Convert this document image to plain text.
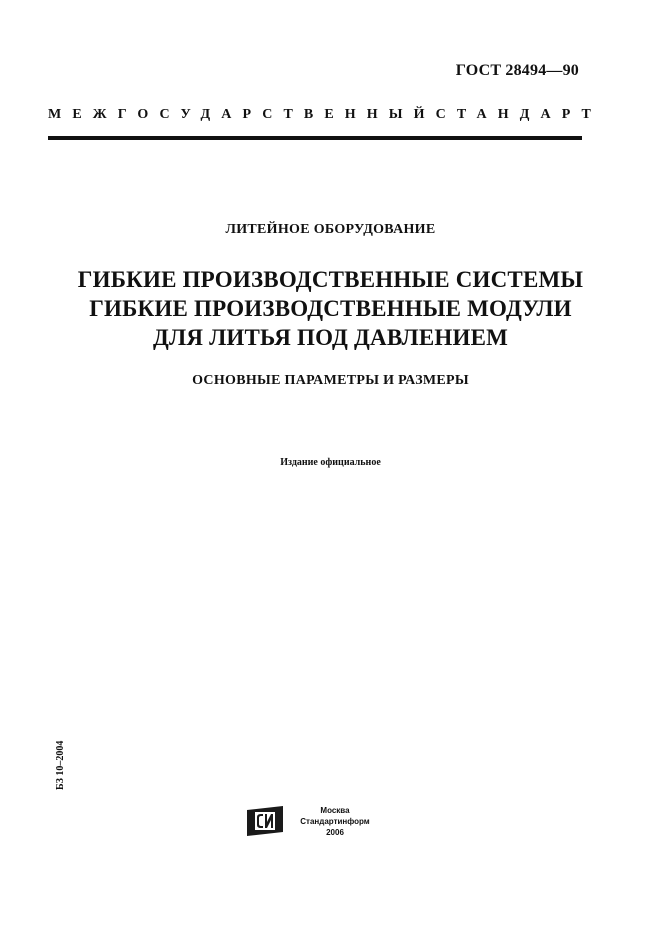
ГОСТ 28494—90
МЕЖГОСУДАРСТВЕННЫЙ СТАНДАРТ
ЛИТЕЙНОЕ ОБОРУДОВАНИЕ
ГИБКИЕ ПРОИЗВОДСТВЕННЫЕ СИСТЕМЫ
ГИБКИЕ ПРОИЗВОДСТВЕННЫЕ МОДУЛИ
ДЛЯ ЛИТЬЯ ПОД ДАВЛЕНИЕМ
ОСНОВНЫЕ ПАРАМЕТРЫ И РАЗМЕРЫ
Издание официальное
БЗ 10–2004
Москва
Стандартинформ
2006
